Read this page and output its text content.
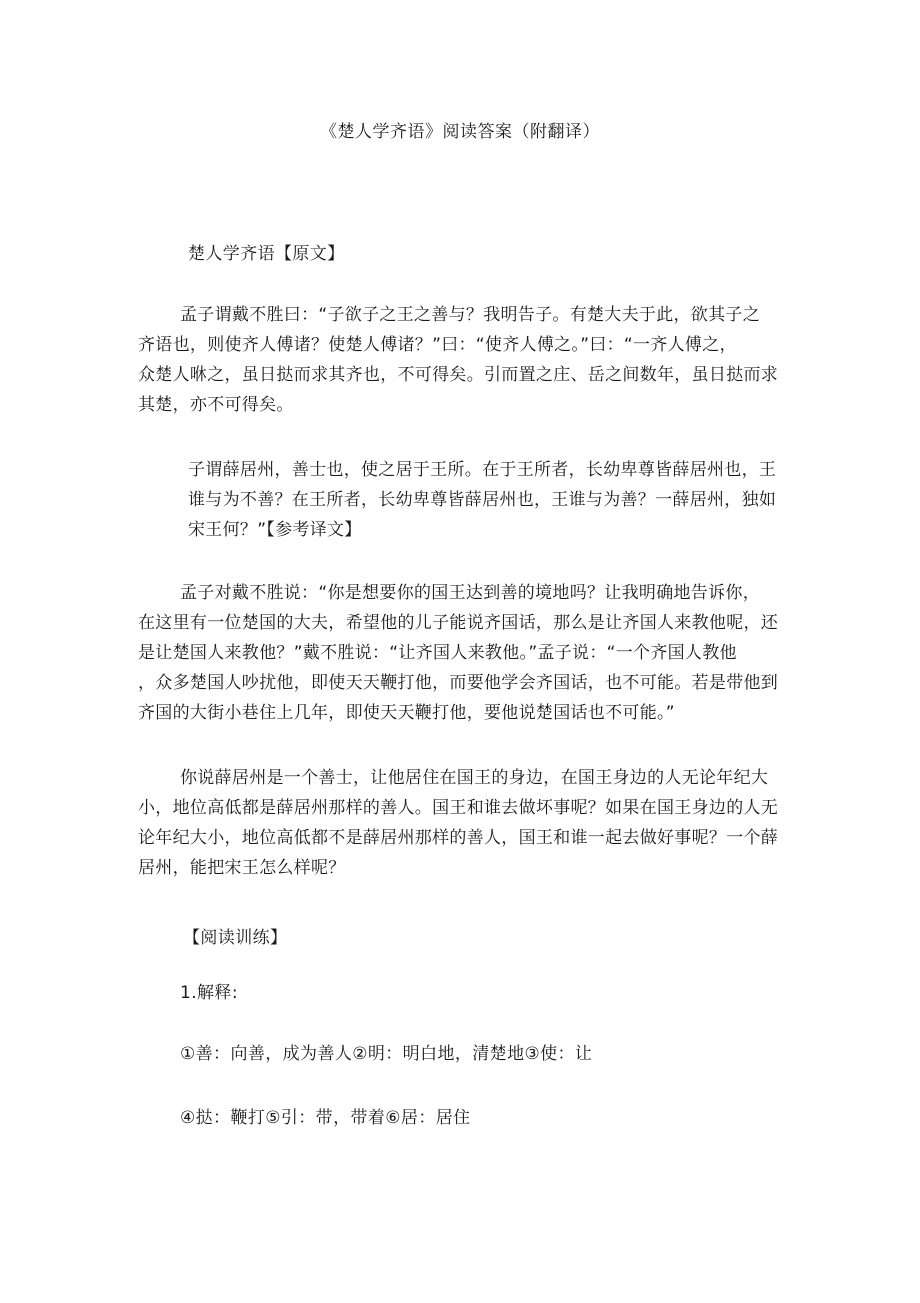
《楚人学齐语》阅读答案（附翻译）

楚人学齐语【原文】

孟子谓戴不胜曰：“子欲子之王之善与？我明告子。有楚大夫于此，欲其子之
齐语也，则使齐人傅诸？使楚人傅诸？”曰：“使齐人傅之。”曰：“一齐人傅之，
众楚人咻之，虽日挞而求其齐也，不可得矣。引而置之庄、岳之间数年，虽日挞而求
其楚，亦不可得矣。
子谓薛居州，善士也，使之居于王所。在于王所者，长幼卑尊皆薛居州也，王
谁与为不善？在王所者，长幼卑尊皆薛居州也，王谁与为善？一薛居州，独如
宋王何？”【参考译文】
孟子对戴不胜说：“你是想要你的国王达到善的境地吗？让我明确地告诉你，
在这里有一位楚国的大夫，希望他的儿子能说齐国话，那么是让齐国人来教他呢，还
是让楚国人来教他？”戴不胜说：“让齐国人来教他。”孟子说：“一个齐国人教他
，众多楚国人吵扰他，即使天天鞭打他，而要他学会齐国话，也不可能。若是带他到
齐国的大街小巷住上几年，即使天天鞭打他，要他说楚国话也不可能。”
你说薛居州是一个善士，让他居住在国王的身边，在国王身边的人无论年纪大
小，地位高低都是薛居州那样的善人。国王和谁去做坏事呢？如果在国王身边的人无
论年纪大小，地位高低都不是薛居州那样的善人，国王和谁一起去做好事呢？一个薛
居州，能把宋王怎么样呢？

【阅读训练】

1.解释:

①善：向善，成为善人②明：明白地，清楚地③使：让

④挞：鞭打⑤引：带，带着⑥居：居住
